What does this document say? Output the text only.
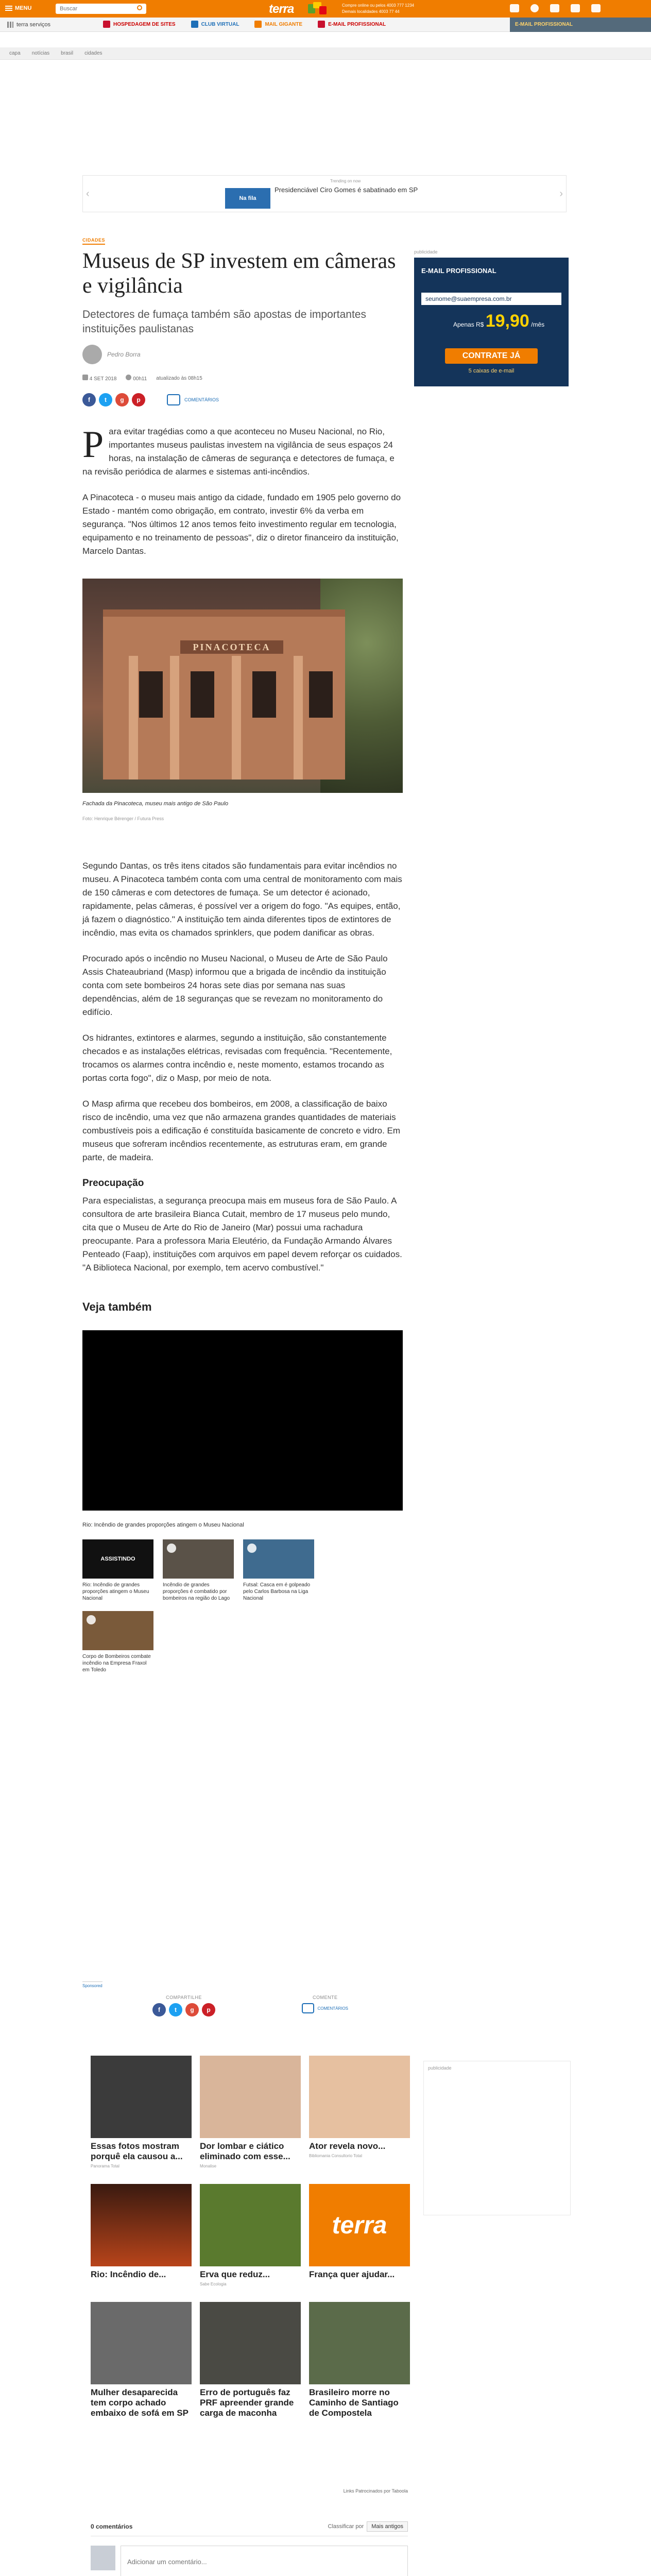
MENU
Buscar	terra	Compre online ou pelos 4003 777 1234
Demais localidades 4003 77 44
terra serviços	HOSPEDAGEM DE SITES	CLUB VIRTUAL	MAIL GIGANTE	E-MAIL PROFISSIONAL	E-MAIL PROFISSIONAL
capa notícias brasil cidades
‹
Trending on now
Na fila
Presidenciável Ciro Gomes é sabatinado em SP	›
CIDADES
Museus de SP investem em câmeras e vigilância
Detectores de fumaça também são apostas de importantes instituições paulistanas
Pedro Borra
4 SET 2018	00h11 atualizado às 08h15
f	t	g	p	COMENTÁRIOS

Para evitar tragédias como a que aconteceu no Museu Nacional, no Rio, importantes museus paulistas investem na vigilância de seus espaços 24 horas, na instalação de câmeras de segurança e detectores de fumaça, e na revisão periódica de alarmes e sistemas anti-incêndios.

A Pinacoteca - o museu mais antigo da cidade, fundado em 1905 pelo governo do Estado - mantém como obrigação, em contrato, investir 6% da verba em segurança. "Nos últimos 12 anos temos feito investimento regular em tecnologia, equipamento e no treinamento de pessoas", diz o diretor financeiro da instituição, Marcelo Dantas.

PINACOTECA
Fachada da Pinacoteca, museu mais antigo de São Paulo
Foto: Henrique Bérenger / Futura Press

Segundo Dantas, os três itens citados são fundamentais para evitar incêndios no museu. A Pinacoteca também conta com uma central de monitoramento com mais de 150 câmeras e com detectores de fumaça. Se um detector é acionado, rapidamente, pelas câmeras, é possível ver a origem do fogo. "As equipes, então, já fazem o diagnóstico." A instituição tem ainda diferentes tipos de extintores de incêndio, mas evita os chamados sprinklers, que podem danificar as obras.

Procurado após o incêndio no Museu Nacional, o Museu de Arte de São Paulo Assis Chateaubriand (Masp) informou que a brigada de incêndio da instituição conta com sete bombeiros 24 horas sete dias por semana nas suas dependências, além de 18 seguranças que se revezam no monitoramento do edifício.

Os hidrantes, extintores e alarmes, segundo a instituição, são constantemente checados e as instalações elétricas, revisadas com frequência. "Recentemente, trocamos os alarmes contra incêndio e, neste momento, estamos trocando as portas corta fogo", diz o Masp, por meio de nota.

O Masp afirma que recebeu dos bombeiros, em 2008, a classificação de baixo risco de incêndio, uma vez que não armazena grandes quantidades de materiais combustíveis pois a edificação é constituída basicamente de concreto e vidro. Em museus que sofreram incêndios recentemente, as estruturas eram, em grande parte, de madeira.

Preocupação

Para especialistas, a segurança preocupa mais em museus fora de São Paulo. A consultora de arte brasileira Bianca Cutait, membro de 17 museus pelo mundo, cita que o Museu de Arte do Rio de Janeiro (Mar) possui uma rachadura preocupante. Para a professora Maria Eleutério, da Fundação Armando Álvares Penteado (Faap), instituições com arquivos em papel devem reforçar os cuidados. "A Biblioteca Nacional, por exemplo, tem acervo combustível."

Veja também
Rio: Incêndio de grandes proporções atingem o Museu Nacional
ASSISTINDO
Rio: Incêndio de grandes proporções atingem o Museu Nacional
Incêndio de grandes proporções é combatido por bombeiros na região do Lago
Futsal: Casca em é golpeado pelo Carlos Barbosa na Liga Nacional
Corpo de Bombeiros combate incêndio na Empresa Fraxol em Toledo
publicidade
E-MAIL PROFISSIONAL
seunome@suaempresa.com.br
Apenas R$ 19,90 /mês
CONTRATE JÁ
5 caixas de e-mail
Sponsored
COMPARTILHE
f	t	g	p
COMENTE
COMENTÁRIOS
Essas fotos mostram porquê ela causou a...
Panorama Total
Dor lombar e ciático eliminado com esse...
Monalise
Ator revela novo...
Bibliomania Consultorio Total
Rio: Incêndio de...	Erva que reduz...
Sabe Ecologia
terra
França quer ajudar...
Mulher desaparecida tem corpo achado embaixo de sofá em SP
Erro de português faz PRF apreender grande carga de maconha
Brasileiro morre no Caminho de Santiago de Compostela
publicidade
Links Patrocinados por Taboola
0 comentários	Classificar por	Mais antigos
Adicionar um comentário...
